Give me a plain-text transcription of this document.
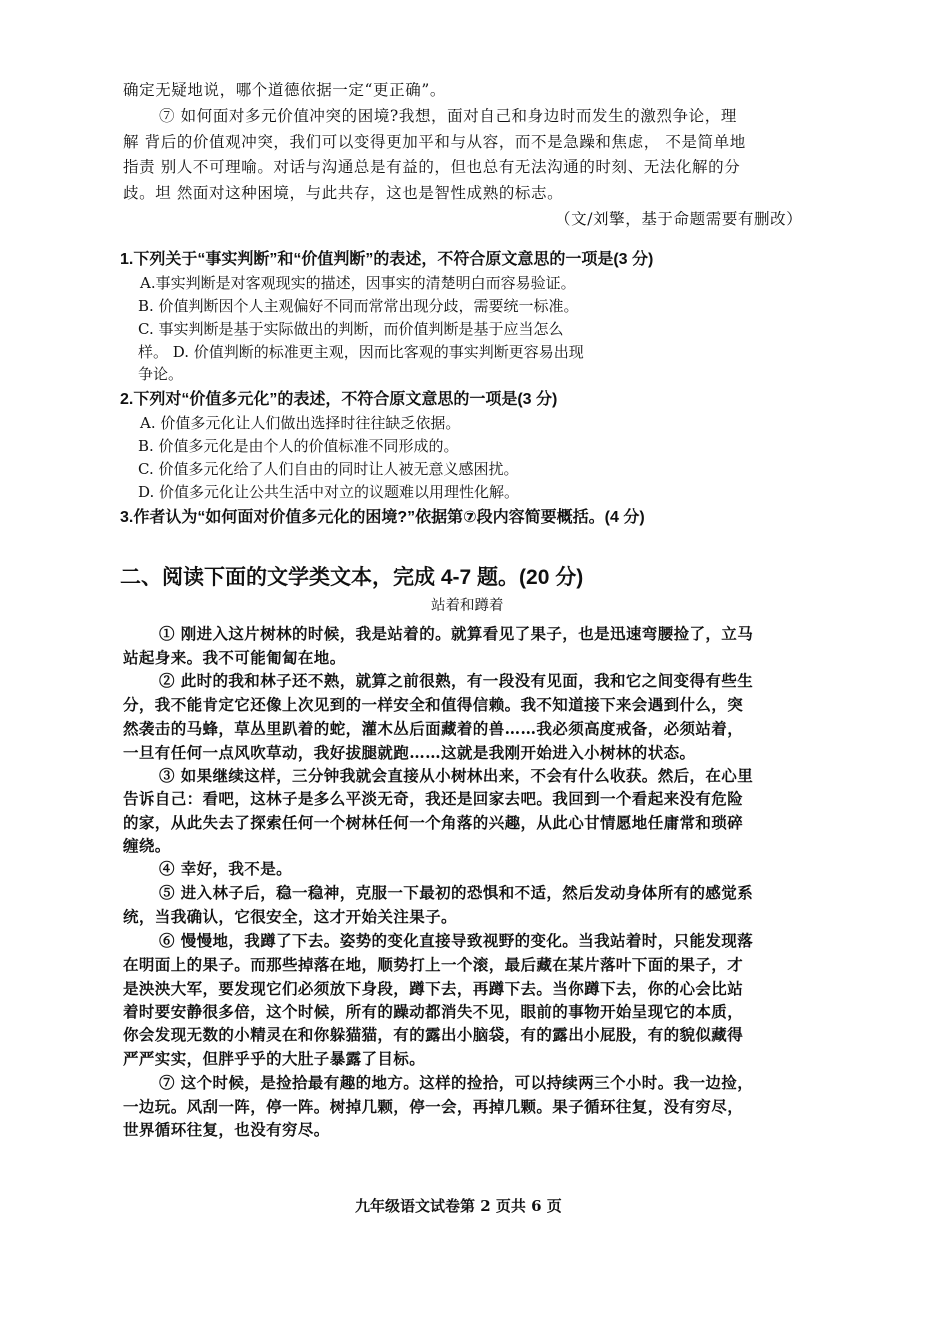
确定无疑地说，哪个道德依据一定“更正确”。
⑦ 如何面对多元价值冲突的困境?我想，面对自己和身边时而发生的激烈争论，理
解 背后的价值观冲突，我们可以变得更加平和与从容，而不是急躁和焦虑， 不是简单地
指责 别人不可理喻。对话与沟通总是有益的，但也总有无法沟通的时刻、无法化解的分
歧。坦 然面对这种困境，与此共存，这也是智性成熟的标志。
（文/刘擎，基于命题需要有删改）
1.下列关于“事实判断”和“价值判断”的表述，不符合原文意思的一项是(3 分)
A.事实判断是对客观现实的描述，因事实的清楚明白而容易验证。
B. 价值判断因个人主观偏好不同而常常出现分歧，需要统一标准。
C. 事实判断是基于实际做出的判断，而价值判断是基于应当怎么
样。 D. 价值判断的标准更主观，因而比客观的事实判断更容易出现
争论。
2.下列对“价值多元化”的表述，不符合原文意思的一项是(3 分)
A. 价值多元化让人们做出选择时往往缺乏依据。
B. 价值多元化是由个人的价值标准不同形成的。
C. 价值多元化给了人们自由的同时让人被无意义感困扰。
D. 价值多元化让公共生活中对立的议题难以用理性化解。
3.作者认为“如何面对价值多元化的困境?”依据第⑦段内容简要概括。(4 分)
二、阅读下面的文学类文本，完成 4-7 题。(20 分)
站着和蹲着
① 刚进入这片树林的时候，我是站着的。就算看见了果子，也是迅速弯腰捡了，立马
站起身来。我不可能匍匐在地。
② 此时的我和林子还不熟，就算之前很熟，有一段没有见面，我和它之间变得有些生
分，我不能肯定它还像上次见到的一样安全和值得信赖。我不知道接下来会遇到什么，突
然袭击的马蜂，草丛里趴着的蛇，灌木丛后面藏着的兽……我必须高度戒备，必须站着，
一旦有任何一点风吹草动，我好拔腿就跑……这就是我刚开始进入小树林的状态。
③ 如果继续这样，三分钟我就会直接从小树林出来，不会有什么收获。然后，在心里
告诉自己：看吧，这林子是多么平淡无奇，我还是回家去吧。我回到一个看起来没有危险
的家，从此失去了探索任何一个树林任何一个角落的兴趣，从此心甘情愿地任庸常和琐碎
缠绕。
④ 幸好，我不是。
⑤ 进入林子后，稳一稳神，克服一下最初的恐惧和不适，然后发动身体所有的感觉系
统，当我确认，它很安全，这才开始关注果子。
⑥ 慢慢地，我蹲了下去。姿势的变化直接导致视野的变化。当我站着时，只能发现落
在明面上的果子。而那些掉落在地，顺势打上一个滚，最后藏在某片落叶下面的果子，才
是泱泱大军，要发现它们必须放下身段，蹲下去，再蹲下去。当你蹲下去，你的心会比站
着时要安静很多倍，这个时候，所有的躁动都消失不见，眼前的事物开始呈现它的本质，
你会发现无数的小精灵在和你躲猫猫，有的露出小脑袋，有的露出小屁股，有的貌似藏得
严严实实，但胖乎乎的大肚子暴露了目标。
⑦ 这个时候，是捡拾最有趣的地方。这样的捡拾，可以持续两三个小时。我一边捡，
一边玩。风刮一阵，停一阵。树掉几颗，停一会，再掉几颗。果子循环往复，没有穷尽，
世界循环往复，也没有穷尽。
九年级语文试卷第 2 页共 6 页
